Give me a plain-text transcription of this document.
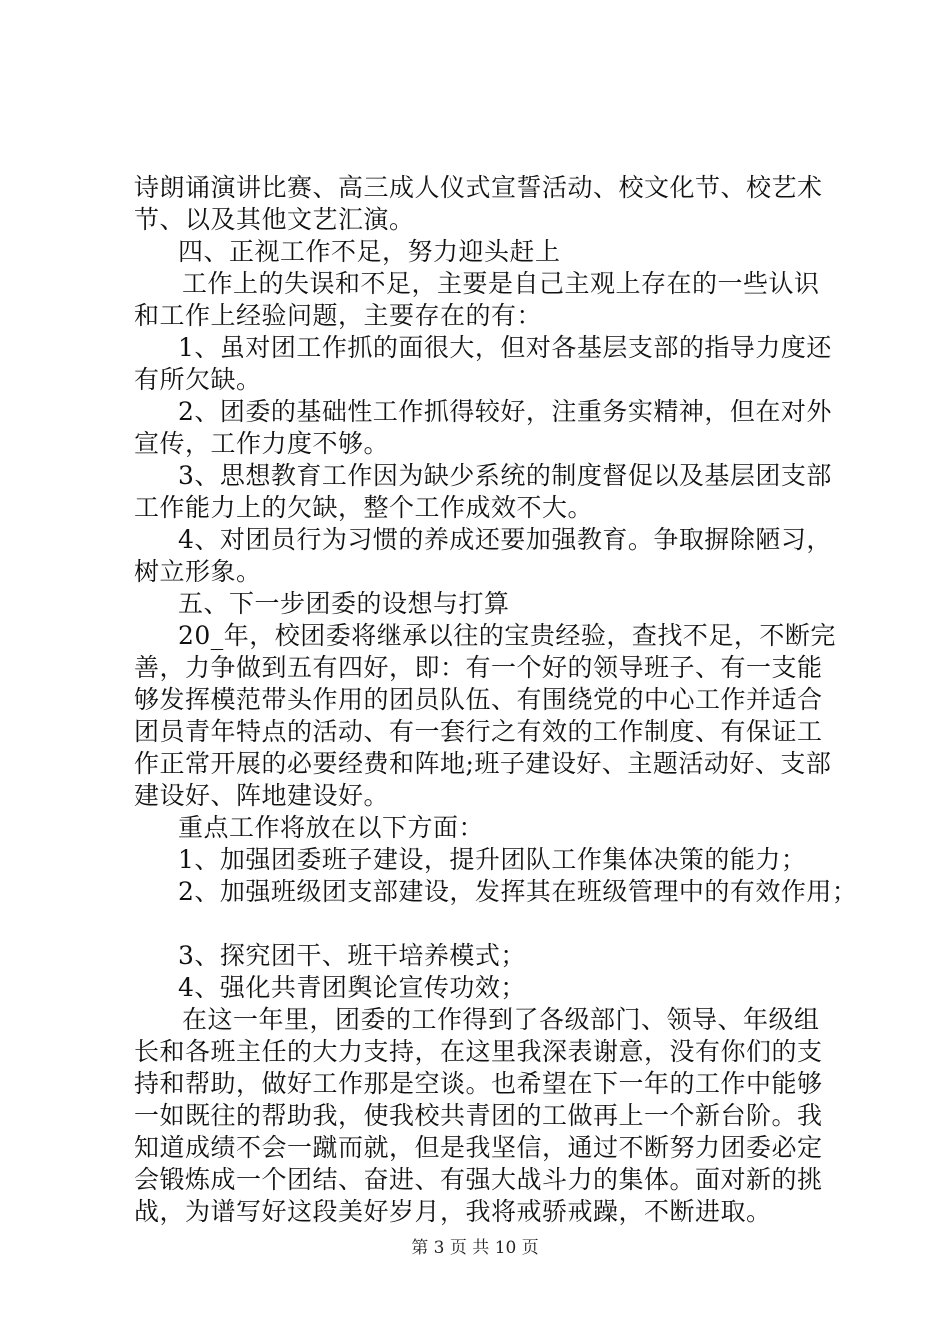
诗朗诵演讲比赛、高三成人仪式宣誓活动、校文化节、校艺术
节、以及其他文艺汇演。
四、正视工作不足，努力迎头赶上
工作上的失误和不足，主要是自己主观上存在的一些认识
和工作上经验问题，主要存在的有：
1、虽对团工作抓的面很大，但对各基层支部的指导力度还
有所欠缺。
2、团委的基础性工作抓得较好，注重务实精神，但在对外
宣传，工作力度不够。
3、思想教育工作因为缺少系统的制度督促以及基层团支部
工作能力上的欠缺，整个工作成效不大。
4、对团员行为习惯的养成还要加强教育。争取摒除陋习，
树立形象。
五、下一步团委的设想与打算
20_年，校团委将继承以往的宝贵经验，查找不足，不断完
善，力争做到五有四好，即：有一个好的领导班子、有一支能
够发挥模范带头作用的团员队伍、有围绕党的中心工作并适合
团员青年特点的活动、有一套行之有效的工作制度、有保证工
作正常开展的必要经费和阵地;班子建设好、主题活动好、支部
建设好、阵地建设好。
重点工作将放在以下方面：
1、加强团委班子建设，提升团队工作集体决策的能力；
2、加强班级团支部建设，发挥其在班级管理中的有效作用；
3、探究团干、班干培养模式；
4、强化共青团舆论宣传功效；
在这一年里，团委的工作得到了各级部门、领导、年级组
长和各班主任的大力支持，在这里我深表谢意，没有你们的支
持和帮助，做好工作那是空谈。也希望在下一年的工作中能够
一如既往的帮助我，使我校共青团的工做再上一个新台阶。我
知道成绩不会一蹴而就，但是我坚信，通过不断努力团委必定
会锻炼成一个团结、奋进、有强大战斗力的集体。面对新的挑
战，为谱写好这段美好岁月，我将戒骄戒躁，不断进取。
第 3 页 共 10 页
